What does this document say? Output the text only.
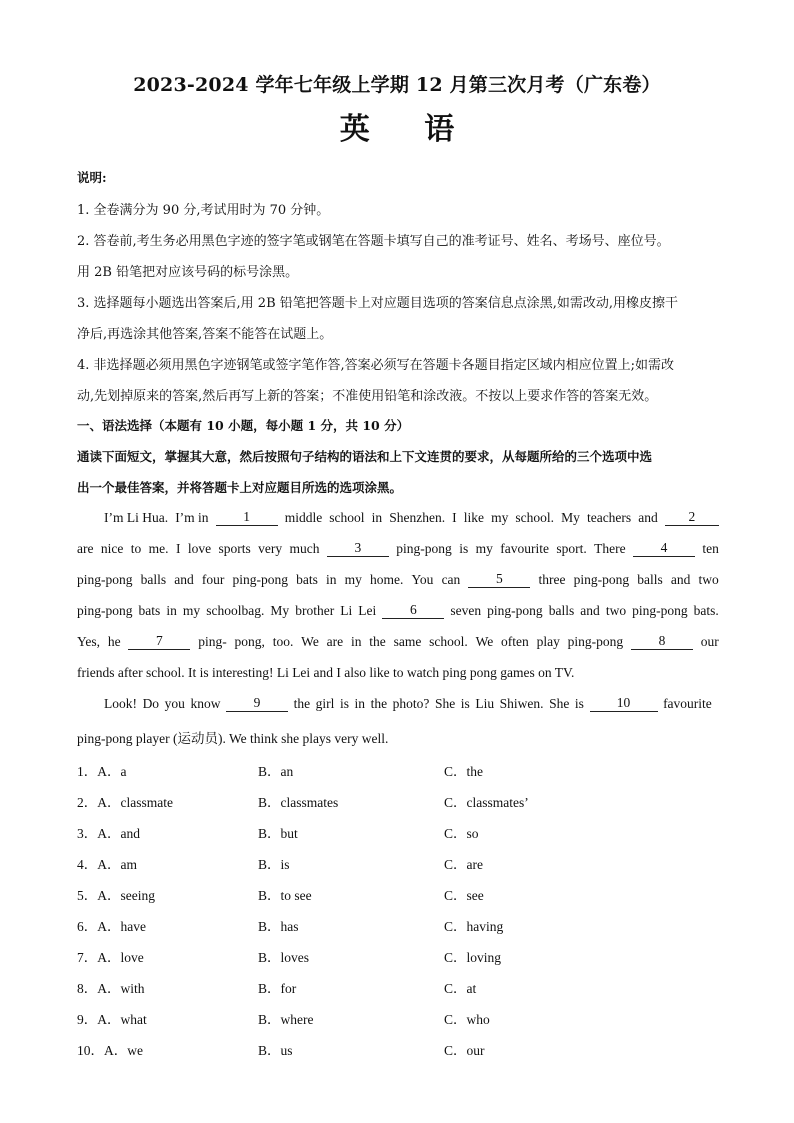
2023-2024 学年七年级上学期 12 月第三次月考（广东卷）
英 语
说明:
1. 全卷满分为 90 分,考试用时为 70 分钟。
2. 答卷前,考生务必用黑色字迹的签字笔或钢笔在答题卡填写自己的准考证号、姓名、考场号、座位号。
用 2B 铅笔把对应该号码的标号涂黑。
3. 选择题每小题选出答案后,用 2B 铅笔把答题卡上对应题目选项的答案信息点涂黑,如需改动,用橡皮擦干
净后,再选涂其他答案,答案不能答在试题上。
4. 非选择题必须用黑色字迹钢笔或签字笔作答,答案必须写在答题卡各题目指定区域内相应位置上;如需改
动,先划掉原来的答案,然后再写上新的答案；不准使用铅笔和涂改液。不按以上要求作答的答案无效。
一、语法选择（本题有 10 小题，每小题 1 分，共 10 分）
通读下面短文，掌握其大意，然后按照句子结构的语法和上下文连贯的要求，从每题所给的三个选项中选
出一个最佳答案，并将答题卡上对应题目所选的选项涂黑。
I’m Li Hua. I’m in	1	middle school in Shenzhen. I like my school. My teachers and	2
are nice to me. I love sports very much	3	ping-pong is my favourite sport. There	4	ten
ping-pong balls and four ping-pong bats in my home. You can	5	three ping-pong balls and two
ping-pong bats in my schoolbag. My brother Li Lei	6	seven ping-pong balls and two ping-pong bats.
Yes, he	7	ping- pong, too. We are in the same school. We often play ping-pong	8	our
friends after school. It is interesting! Li Lei and I also like to watch ping pong games on TV.
Look! Do you know	9	the girl is in the photo? She is Liu Shiwen. She is	10	favourite
ping-pong player (运动员). We think she plays very well.
1．A．a	B．an	C．the
2．A．classmate	B．classmates	C．classmates’
3．A．and	B．but	C．so
4．A．am	B．is	C．are
5．A．seeing	B．to see	C．see
6．A．have	B．has	C．having
7．A．love	B．loves	C．loving
8．A．with	B．for	C．at
9．A．what	B．where	C．who
10．A．we	B．us	C．our
